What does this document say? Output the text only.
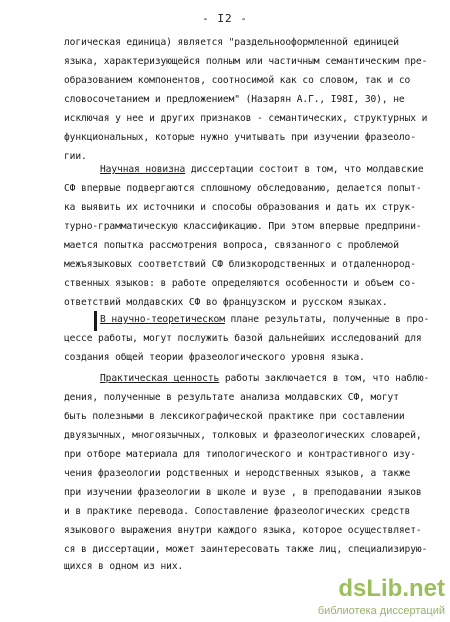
- I2 -
логическая единица) является "раздельнооформленной единицей
языка, характеризующейся полным или частичным семантическим пре-
образованием компонентов, соотносимой как со словом, так и со
словосочетанием и предложением" (Назарян А.Г., I98I, 30), не
исключая у нее и других признаков - семантических, структурных и
функциональных, которые нужно учитывать при изучении фразеоло-
гии.
Научная новизна диссертации состоит в том, что молдавские
СФ впервые подвергаются сплошному обследованию, делается попыт-
ка выявить их источники и способы образования и дать их струк-
турно-грамматическую классификацию. При этом впервые предприни-
мается попытка рассмотрения вопроса, связанного с проблемой
межъязыковых соответствий СФ близкородственных и отдаленнород-
ственных языков: в работе определяются особенности и объем со-
ответствий молдавских СФ во французском и русском языках.
В научно-теоретическом плане результаты, полученные в про-
цессе работы, могут послужить базой дальнейших исследований для
создания общей теории фразеологического уровня языка.
Практическая ценность работы заключается в том, что наблю-
дения, полученные в результате анализа молдавских СФ, могут
быть полезными в лексикографической практике при составлении
двуязычных, многоязычных, толковых и фразеологических словарей,
при отборе материала для типологического и контрастивного изу-
чения фразеологии родственных и неродственных языков, а также
при изучении фразеологии в школе и вузе , в преподавании языков
и в практике перевода. Сопоставление фразеологических средств
языкового выражения внутри каждого языка, которое осуществляет-
ся в диссертации, может заинтересовать также лиц, специализирую-
щихся в одном из них.
dsLib.net
библиотека диссертаций
